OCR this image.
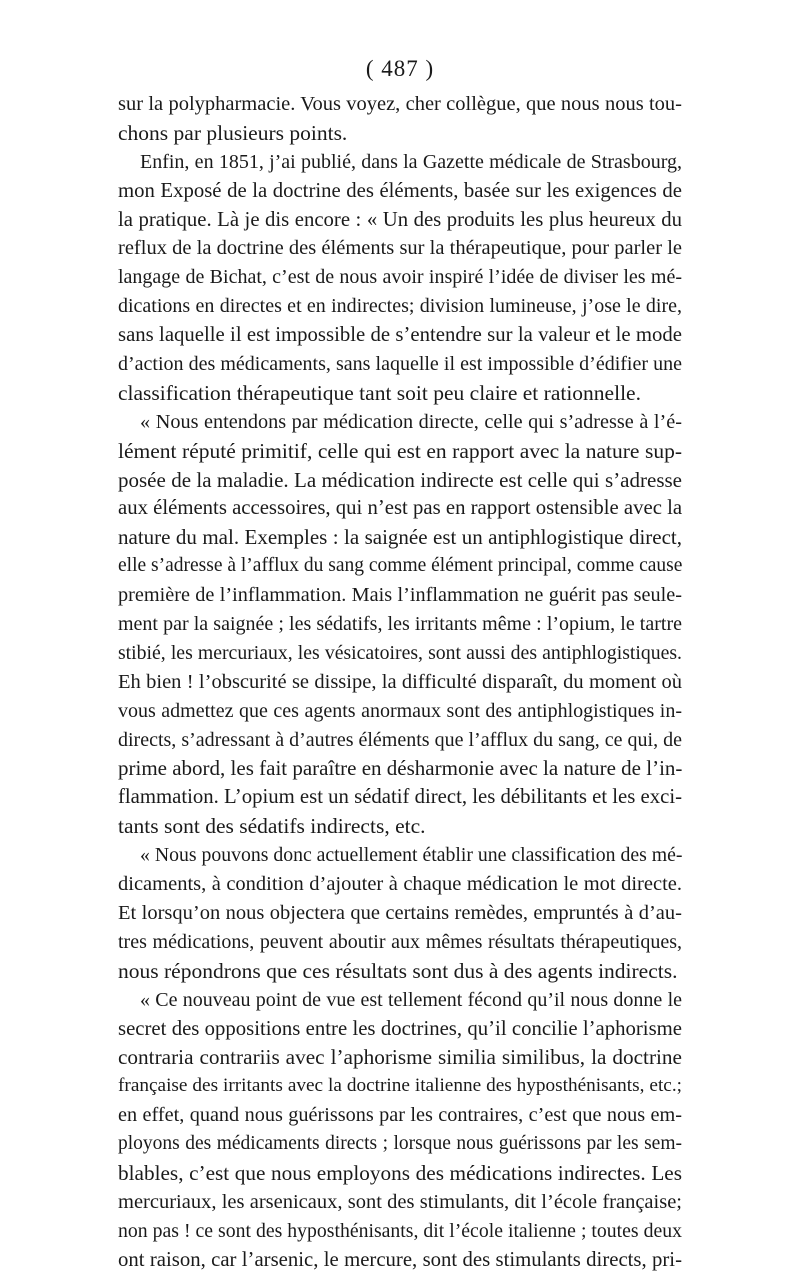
( 487 )
sur la polypharmacie. Vous voyez, cher collègue, que nous nous tou-
chons par plusieurs points.
Enfin, en 1851, j’ai publié, dans la Gazette médicale de Strasbourg,
mon Exposé de la doctrine des éléments, basée sur les exigences de
la pratique. Là je dis encore : « Un des produits les plus heureux du
reflux de la doctrine des éléments sur la thérapeutique, pour parler le
langage de Bichat, c’est de nous avoir inspiré l’idée de diviser les mé-
dications en directes et en indirectes; division lumineuse, j’ose le dire,
sans laquelle il est impossible de s’entendre sur la valeur et le mode
d’action des médicaments, sans laquelle il est impossible d’édifier une
classification thérapeutique tant soit peu claire et rationnelle.
« Nous entendons par médication directe, celle qui s’adresse à l’é-
lément réputé primitif, celle qui est en rapport avec la nature sup-
posée de la maladie. La médication indirecte est celle qui s’adresse
aux éléments accessoires, qui n’est pas en rapport ostensible avec la
nature du mal. Exemples : la saignée est un antiphlogistique direct,
elle s’adresse à l’afflux du sang comme élément principal, comme cause
première de l’inflammation. Mais l’inflammation ne guérit pas seule-
ment par la saignée ; les sédatifs, les irritants même : l’opium, le tartre
stibié, les mercuriaux, les vésicatoires, sont aussi des antiphlogistiques.
Eh bien ! l’obscurité se dissipe, la difficulté disparaît, du moment où
vous admettez que ces agents anormaux sont des antiphlogistiques in-
directs, s’adressant à d’autres éléments que l’afflux du sang, ce qui, de
prime abord, les fait paraître en désharmonie avec la nature de l’in-
flammation. L’opium est un sédatif direct, les débilitants et les exci-
tants sont des sédatifs indirects, etc.
« Nous pouvons donc actuellement établir une classification des mé-
dicaments, à condition d’ajouter à chaque médication le mot directe.
Et lorsqu’on nous objectera que certains remèdes, empruntés à d’au-
tres médications, peuvent aboutir aux mêmes résultats thérapeutiques,
nous répondrons que ces résultats sont dus à des agents indirects.
« Ce nouveau point de vue est tellement fécond qu’il nous donne le
secret des oppositions entre les doctrines, qu’il concilie l’aphorisme
contraria contrariis avec l’aphorisme similia similibus, la doctrine
française des irritants avec la doctrine italienne des hyposthénisants, etc.;
en effet, quand nous guérissons par les contraires, c’est que nous em-
ployons des médicaments directs ; lorsque nous guérissons par les sem-
blables, c’est que nous employons des médications indirectes. Les
mercuriaux, les arsenicaux, sont des stimulants, dit l’école française;
non pas ! ce sont des hyposthénisants, dit l’école italienne ; toutes deux
ont raison, car l’arsenic, le mercure, sont des stimulants directs, pri-
